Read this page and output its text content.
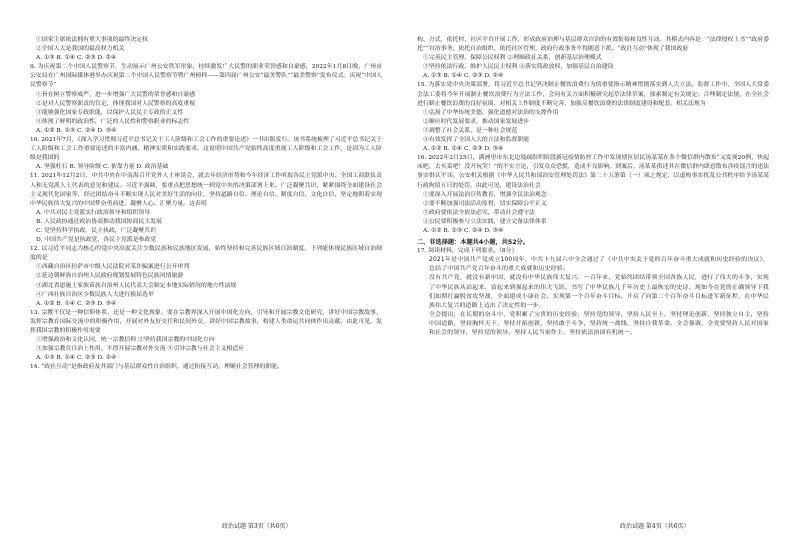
①国家主席依法拥有重大事项的最终决定权

②全国人大是我国的最高权力机关

A. ①③ B. ①④ C. ②③ D. ②④

9. 为庆祝第二个中国人民警察节，生动展示广州公安铁军形象，持续激发广大民警的职业荣誉感和自豪感，2022年1月8日晚，广州市公安局在广州国际媒体港举办庆祝第二个中国人民警察节暨广州榜样——第四届广州公安“最美警队”“最美警察”发布仪式。庆祝“中国人民警察节”

①旨在树立警察威严，进一步增强广大民警的荣誉感和自豪感

②是对人民警察职责的肯定，体现我国对人民警察的高度重视

③能够强化国家专政职能，以保护人民民主专政的正义性

④体现了鲜明的政治性，广泛的人民性和警察职业的标志性

A. ①② B. ①③ C. ②④ D. ③④

10. 2021年7月，《深入学习贯彻习近平总书记关于工人阶级和工会工作的重要论述》一书出版发行。该书系统梳理了习近平总书记关于工人阶级和工会工作重要论述的丰富内涵、精神实质和实践要求。这说明中国共产党始终高度重视工人阶级和工会工作，是因为工人阶级是我国的

A. 坚强柱石 B. 领导阶级 C. 依靠力量 D. 政治基础

11. 2021年12月2日，中共中央在中南海召开党外人士座谈会，就去年经济形势和今年经济工作听取各民主党派中央、全国工商联负责人和无党派人士代表的意见和建议。习近平强调，要重点把思想统一到党中央的决策部署上来，广泛凝聚共识，紧紧围绕全面建设社会主义现代化国家等，经过团结奋斗不断实现人民对美好生活的向往，坚持道路自信、理论自信、制度自信、文化自信，坚定地朝着实现中华民族伟大复兴的中国梦奋勇前进，凝聚人心、汇聚力量。这表明

A. 中共对民主党派实行政治领导和组织领导

B. 人民政协通过政治协商推动我国协商民主发展

C. 党坚持科学执政、民主执政，广泛凝聚共识

D. 中国共产党是执政党，各民主党派是参政党

12. 以习近平同志为核心的党中央高度关注少数民族和民族地区发展，始终坚持和完善民族区域自治制度。下列能体现民族区域自治制度的是

①西藏自治区拉萨市中级人民法院对某诈骗案进行公开审判

②延边朝鲜族自治州人民政府规划发展特色民族风情旅游

③湖北省恩施土家族苗族自治州人民代表大会制定本地实际情况的地方性法规

④广西壮族自治区少数民族人大进行换届选举

A. ①② B. ①④ C. ②③ D. ③④

13. 宗教不仅是一种信仰体系，还是一种文化现象。要在宗教界深入开展中国化方向，引导和开展宗教文化研究，讲好中国宗教故事，发挥宗教在国际交流中的积极作用，开展对外友好交往和民间外交，讲好中国宗教故事，构建人类命运共同体作出贡献。由此可见，发挥我国宗教的积极作用需要

①增强政治和文化认同，统一宗教信仰 ②坚持我国宗教的中国化方向

③加强宗教在自治上作用，不得开展宗教对外交流 ④引导宗教与社会主义相适应

A. ①③ B. ①④ C. ②③ D. ②④

14. “政社互动”是指政府及其部门与基层群众性自治组织，通过衔接互动，理顺社会管理的职能、

构、方式，依托村、社区平台开展工作，形成政府治理与基层群众自治的有效衔接和良性互动。其模式内容是：“法律授权上书”“政府委托”“自治事务，依托自治组织，依托社区管理，政府行政事务不得随意下派。“政社互动”体现了我国政府

①完善民主管理，保障公民权利 ②理顺政社关系，创新基层治理模式

③坚持依法行政，维护人民民主权利 ④落实简政放权，加强基层自治建设

A. ①③ B. ①④ C. ②③ D. ②④

15. 为落实党中央决策部署，将习近平总书记坚决制止餐饮浪费行为的重要指示精神贯彻落实到人大立法、监督工作中，全国人大常委会法工委将今年开展制止餐饮浪费行为立法工作，会同有关方面积极研究起草法律草案，探索制定有关规定；合理制定法规，在全社会进行制止餐饮浪费的良好氛围，对相关工作制度不断完善、加强反餐饮浪费的法律制度建设和配套。相关法规为

①弘扬了中华传统美德，强化道德对法治的支撑作用

②顺应时代发展要求，推动国家发展进步

③调整了社会关系，是一种社会规范

④有效发挥了全国人大的立法和监督职能

A. ①② B. ①④ C. ②③ D. ③④

16. 2022年2月25日，满洲里市东北边境疏组织阶段新冠疫情防控工作中发现辖区居民汤某某在多个微信群内散布“又发现20例，快起床吧，去买菜吧！没开玩笑！”的不实言论，引发众众恐慌，造成不良影响。到案后，汤某某供述其在微信群内肆意散布涉疫谣言的违法事实供认不讳。公安机关根据《中华人民共和国治安管理处罚法》第二十五条第（一）项之规定，以虚构事实扰乱公共秩序给予汤某某行政拘留五日的处罚。由此可见，建设法治社会

①要深入开展法治宣传教育，增强全民法治观念

②要不断加强司法活动监督，切实保障公平正义

③政府要依法全依法必究，带动社会遵守法

④公民要积极参与立法实践，建立完备法律体系

A. ①② B. ①③ C. ②④ D. ③④

二、非选择题：本题共4小题，共52分。

17. 阅读材料，完成下列要求。（8分）

2021年是中国共产党成立100周年。中共十九届六中全会通过了《中共中央关于党的百年奋斗重大成就和历史经验的决议》，总结了中国共产党百年奋斗的重大成就和历史经验。

没有共产党，就没有新中国，就没有中华民族伟大复兴。一百年来，党始终团结带领全国各族人民，进行了伟大的斗争，实现了中华民族从站起来、富起来到强起来的伟大飞跃。书写了中华民族几千年历史上最恢宏的史诗。现如今在党的正确领导下我们如期打赢脱贫攻坚战，全面建成小康社会，实现第一个百年奋斗目标，开启了向第二个百年奋斗目标进军新征程，在中华民族伟大复兴的道路上迈出了决定性的一步。

全会提出，在长期的奋斗中，党积累了宝贵的历史经验：坚持党的领导，坚持人民至上，坚持理论创新，坚持独立自主，坚持中国道路，坚持胸怀天下，坚持开拓创新，坚持敢于斗争，坚持统一战线，坚持自我革命。全会强调，全党要坚持人民对国家和社会的领导，坚持党的领导，坚持人民当家作主，坚持依法治国有机统一。

政治试题 第3页（共6页）	政治试题 第4页（共6页）
